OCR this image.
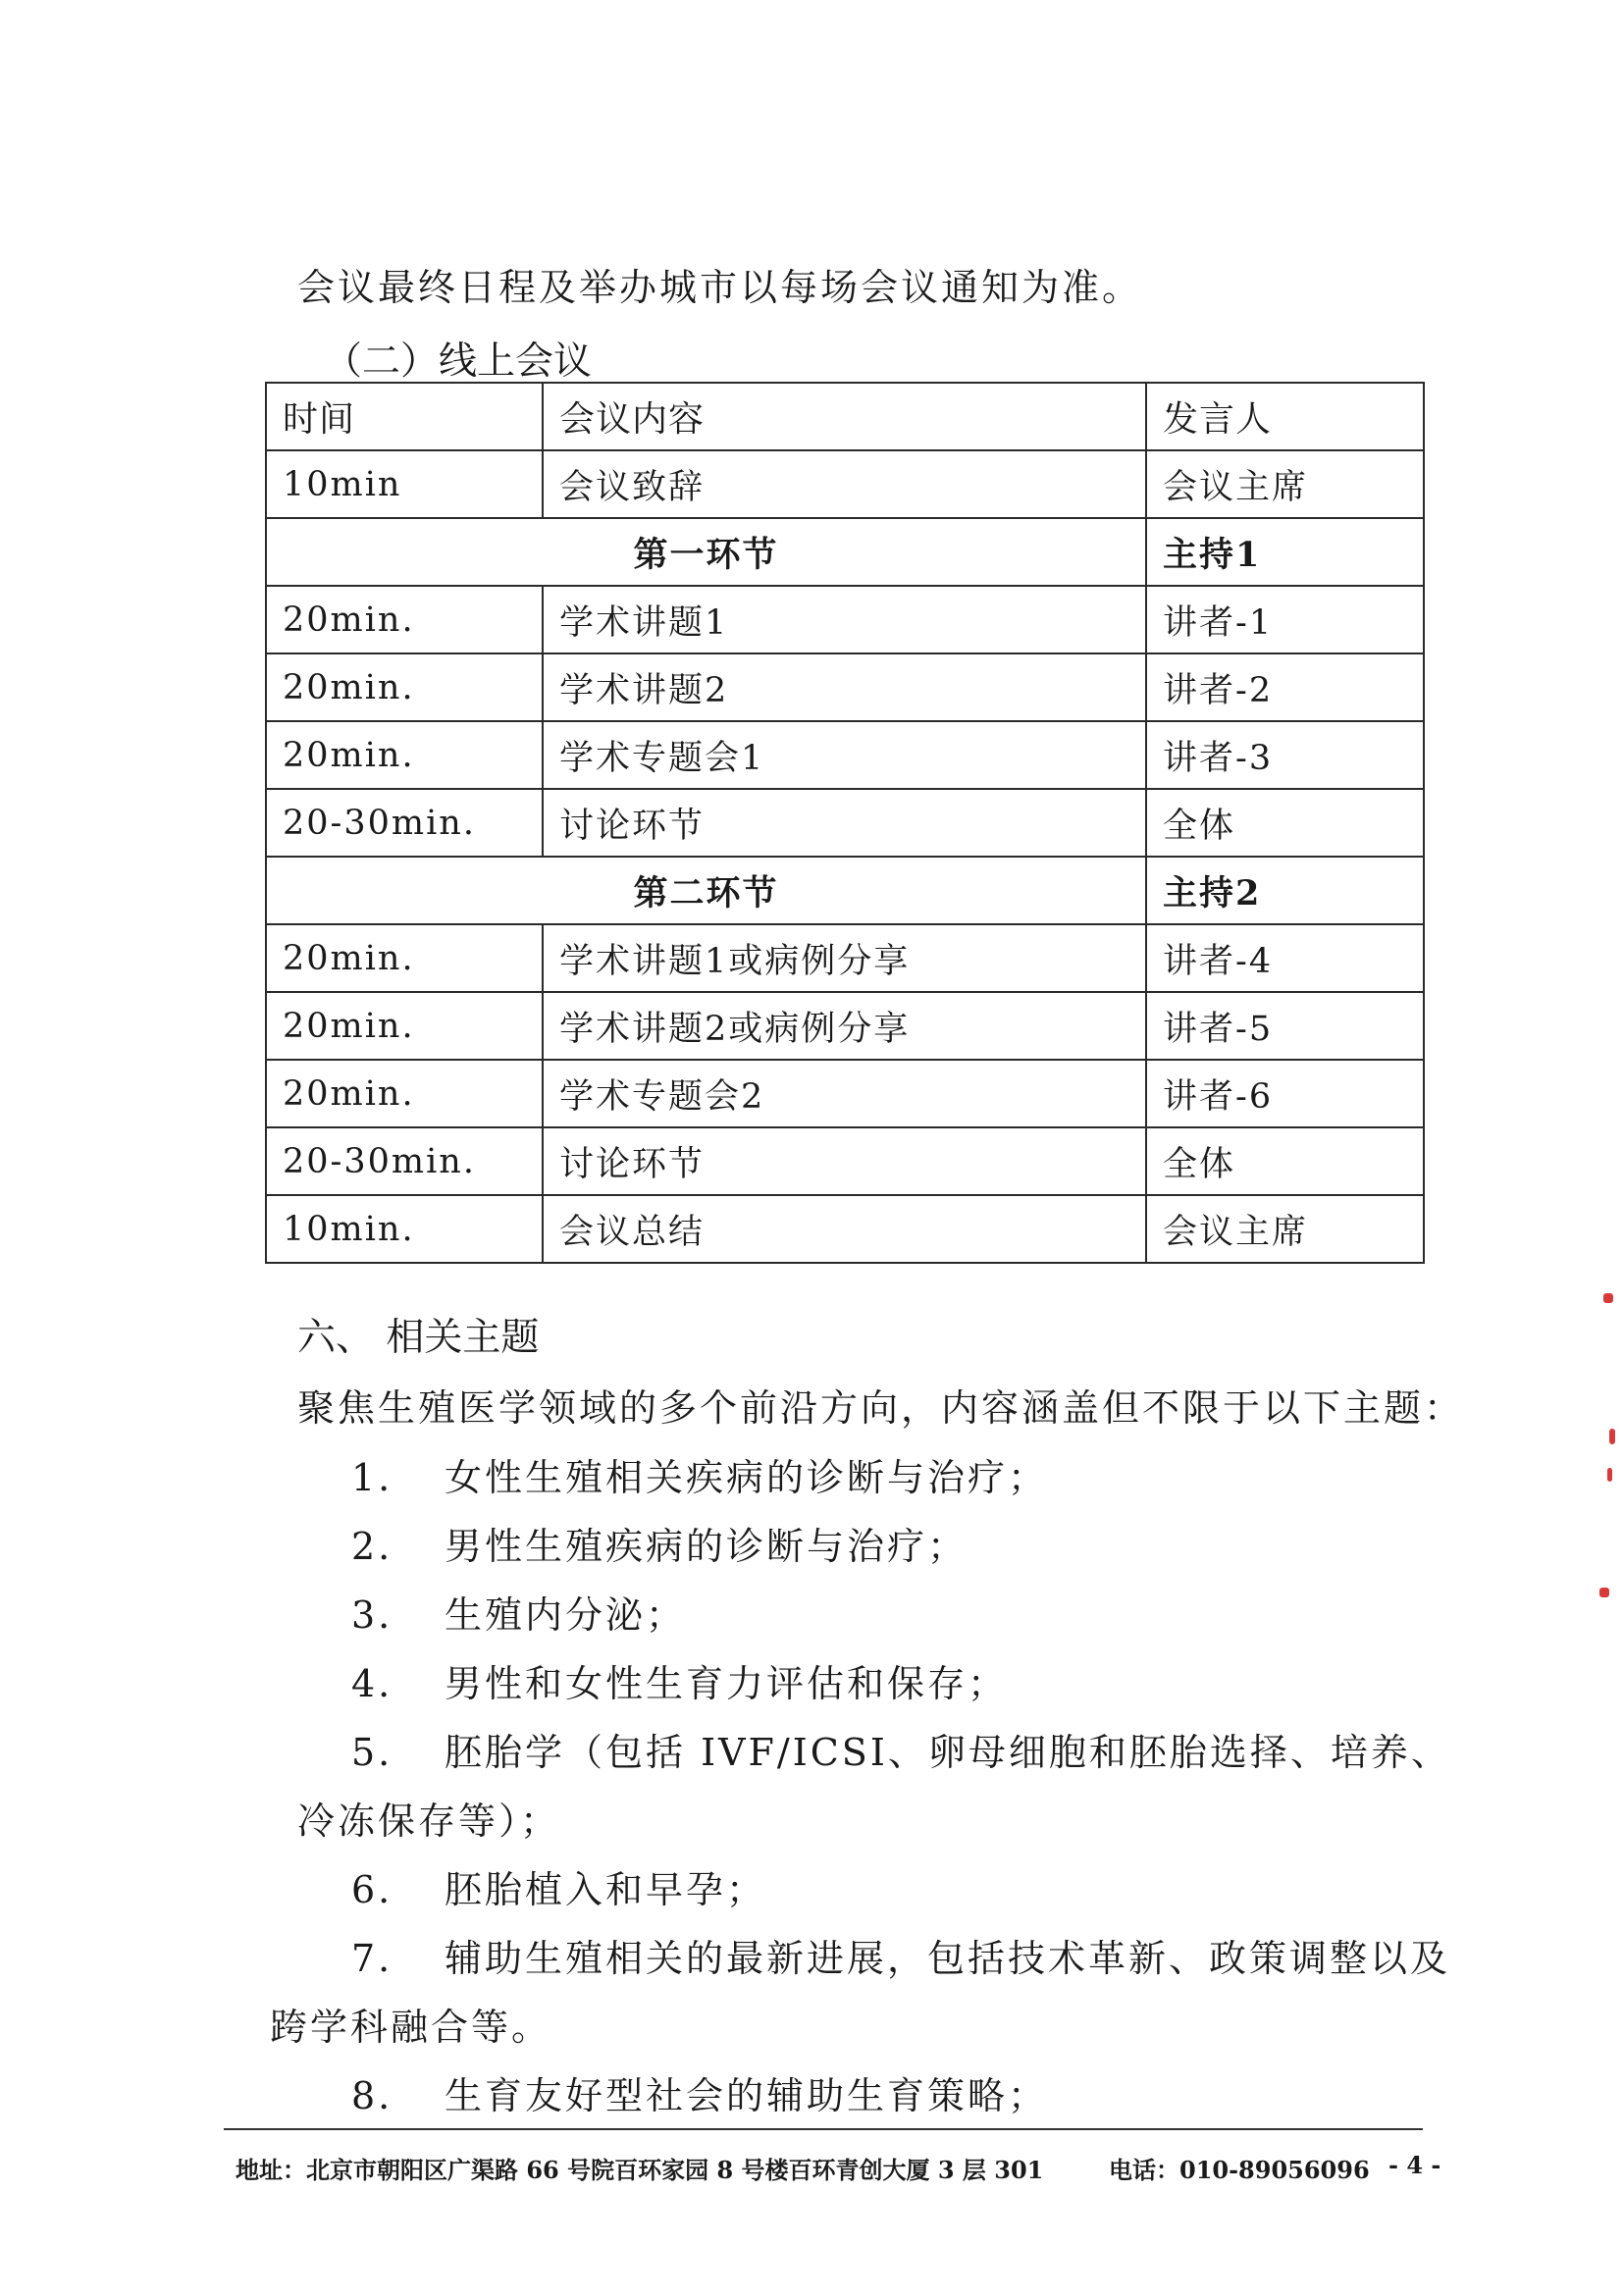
会议最终日程及举办城市以每场会议通知为准。
（二）线上会议
时间	会议内容	发言人
10min	会议致辞	会议主席
第一环节		主持1
20min.	学术讲题1	讲者-1
20min.	学术讲题2	讲者-2
20min.	学术专题会1	讲者-3
20-30min.	讨论环节	全体
第二环节		主持2
20min.	学术讲题1或病例分享	讲者-4
20min.	学术讲题2或病例分享	讲者-5
20min.	学术专题会2	讲者-6
20-30min.	讨论环节	全体
10min.	会议总结	会议主席
六、 相关主题
聚焦生殖医学领域的多个前沿方向，内容涵盖但不限于以下主题：
1. 女性生殖相关疾病的诊断与治疗；
2. 男性生殖疾病的诊断与治疗；
3. 生殖内分泌；
4. 男性和女性生育力评估和保存；
5. 胚胎学（包括 IVF/ICSI、卵母细胞和胚胎选择、培养、
冷冻保存等）；
6. 胚胎植入和早孕；
7. 辅助生殖相关的最新进展，包括技术革新、政策调整以及
跨学科融合等。
8. 生育友好型社会的辅助生育策略；
地址：北京市朝阳区广渠路 66 号院百环家园 8 号楼百环青创大厦 3 层 301	电话：010-89056096 - 4 -
